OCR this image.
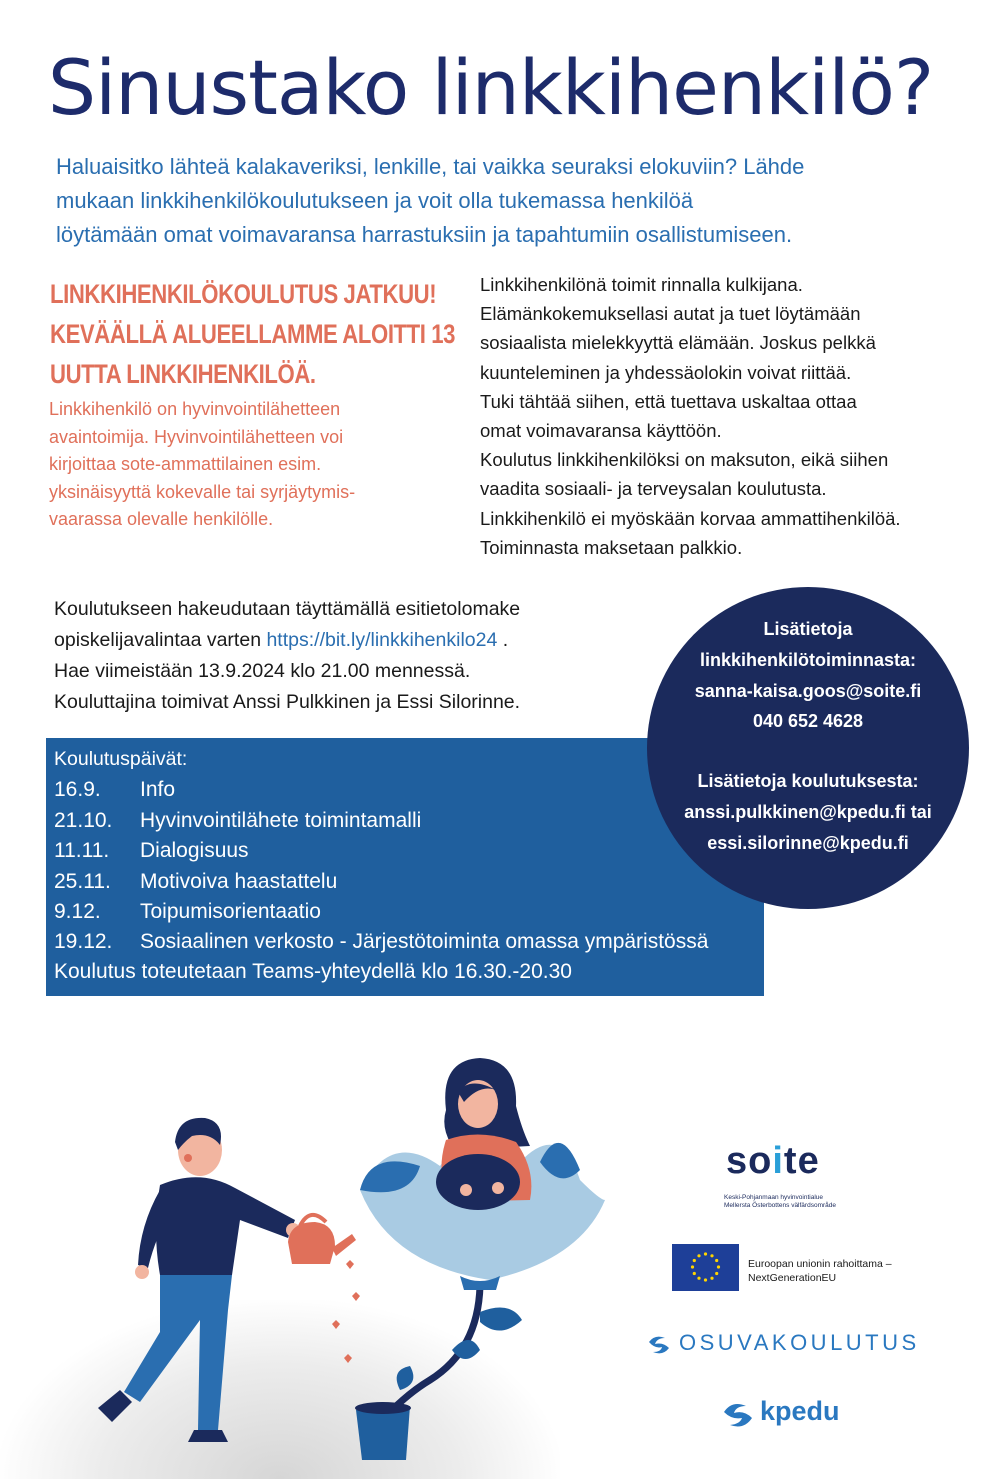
Sinustako linkkihenkilö?
Haluaisitko lähteä kalakaveriksi, lenkille, tai vaikka seuraksi elokuviin? Lähde
mukaan linkkihenkilökoulutukseen ja voit olla tukemassa henkilöä
löytämään omat voimavaransa harrastuksiin ja tapahtumiin osallistumiseen.
LINKKIHENKILÖKOULUTUS JATKUU!
KEVÄÄLLÄ ALUEELLAMME ALOITTI 13
UUTTA LINKKIHENKILÖÄ.
Linkkihenkilö on hyvinvointilähetteen
avaintoimija. Hyvinvointilähetteen voi
kirjoittaa sote-ammattilainen esim.
yksinäisyyttä kokevalle tai syrjäytymis-
vaarassa olevalle henkilölle.
Linkkihenkilönä toimit rinnalla kulkijana.
Elämänkokemuksellasi autat ja tuet löytämään
sosiaalista mielekkyyttä elämään. Joskus pelkkä
kuunteleminen ja yhdessäolokin voivat riittää.
Tuki tähtää siihen, että tuettava uskaltaa ottaa
omat voimavaransa käyttöön.
Koulutus linkkihenkilöksi on maksuton, eikä siihen
vaadita sosiaali- ja terveysalan koulutusta.
Linkkihenkilö ei myöskään korvaa ammattihenkilöä.
Toiminnasta maksetaan palkkio.
Koulutukseen hakeudutaan täyttämällä esitietolomake
opiskelijavalintaa varten https://bit.ly/linkkihenkilo24 .
Hae viimeistään 13.9.2024 klo 21.00 mennessä.
Kouluttajina toimivat Anssi Pulkkinen ja Essi Silorinne.
Koulutuspäivät:
16.9. Info
21.10. Hyvinvointilähete toimintamalli
11.11. Dialogisuus
25.11. Motivoiva haastattelu
9.12. Toipumisorientaatio
19.12. Sosiaalinen verkosto - Järjestötoiminta omassa ympäristössä
Koulutus toteutetaan Teams-yhteydellä klo 16.30.-20.30
Lisätietoja
linkkihenkilötoiminnasta:
sanna-kaisa.goos@soite.fi
040 652 4628
Lisätietoja koulutuksesta:
anssi.pulkkinen@kpedu.fi tai
essi.silorinne@kpedu.fi
soite
Keski-Pohjanmaan hyvinvointialue
Mellersta Österbottens välfärdsområde
Euroopan unionin rahoittama –
NextGenerationEU
OSUVAKOULUTUS
kpedu
